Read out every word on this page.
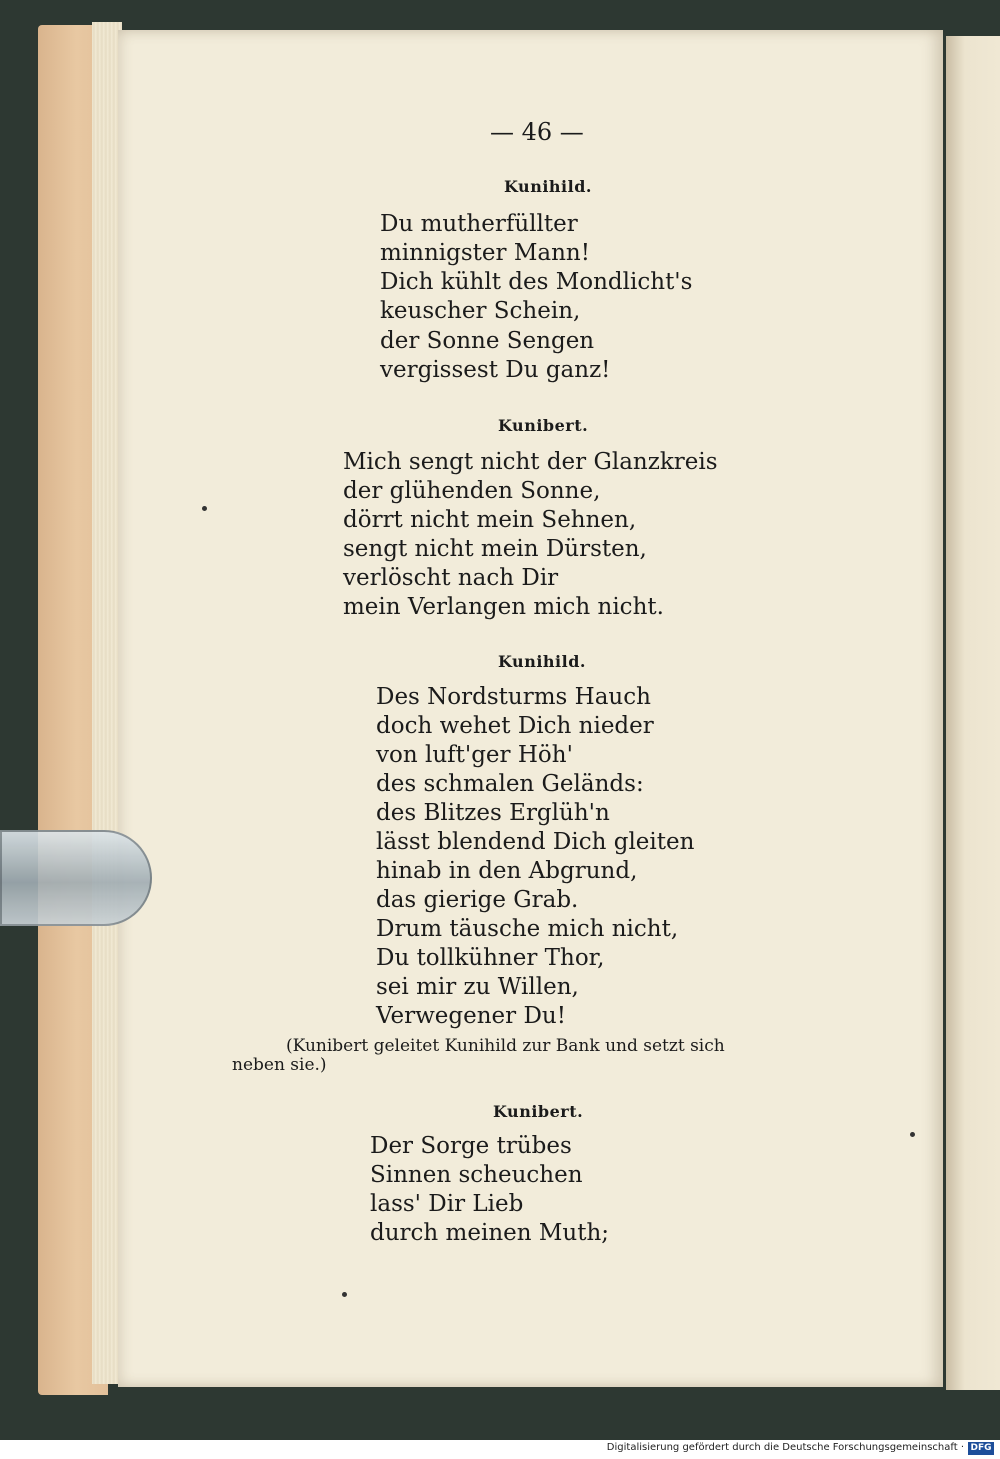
— 46 —
Kunihild.
Du mutherfüllter
minnigster Mann!
Dich kühlt des Mondlicht's
keuscher Schein,
der Sonne Sengen
vergissest Du ganz!
Kunibert.
Mich sengt nicht der Glanzkreis
der glühenden Sonne,
dörrt nicht mein Sehnen,
sengt nicht mein Dürsten,
verlöscht nach Dir
mein Verlangen mich nicht.
Kunihild.
Des Nordsturms Hauch
doch wehet Dich nieder
von luft'ger Höh'
des schmalen Geländs:
des Blitzes Erglüh'n
lässt blendend Dich gleiten
hinab in den Abgrund,
das gierige Grab.
Drum täusche mich nicht,
Du tollkühner Thor,
sei mir zu Willen,
Verwegener Du!
(Kunibert geleitet Kunihild zur Bank und setzt sich
neben sie.)
Kunibert.
Der Sorge trübes
Sinnen scheuchen
lass' Dir Lieb
durch meinen Muth;
Digitalisierung gefördert durch die Deutsche Forschungsgemeinschaft · DFG
